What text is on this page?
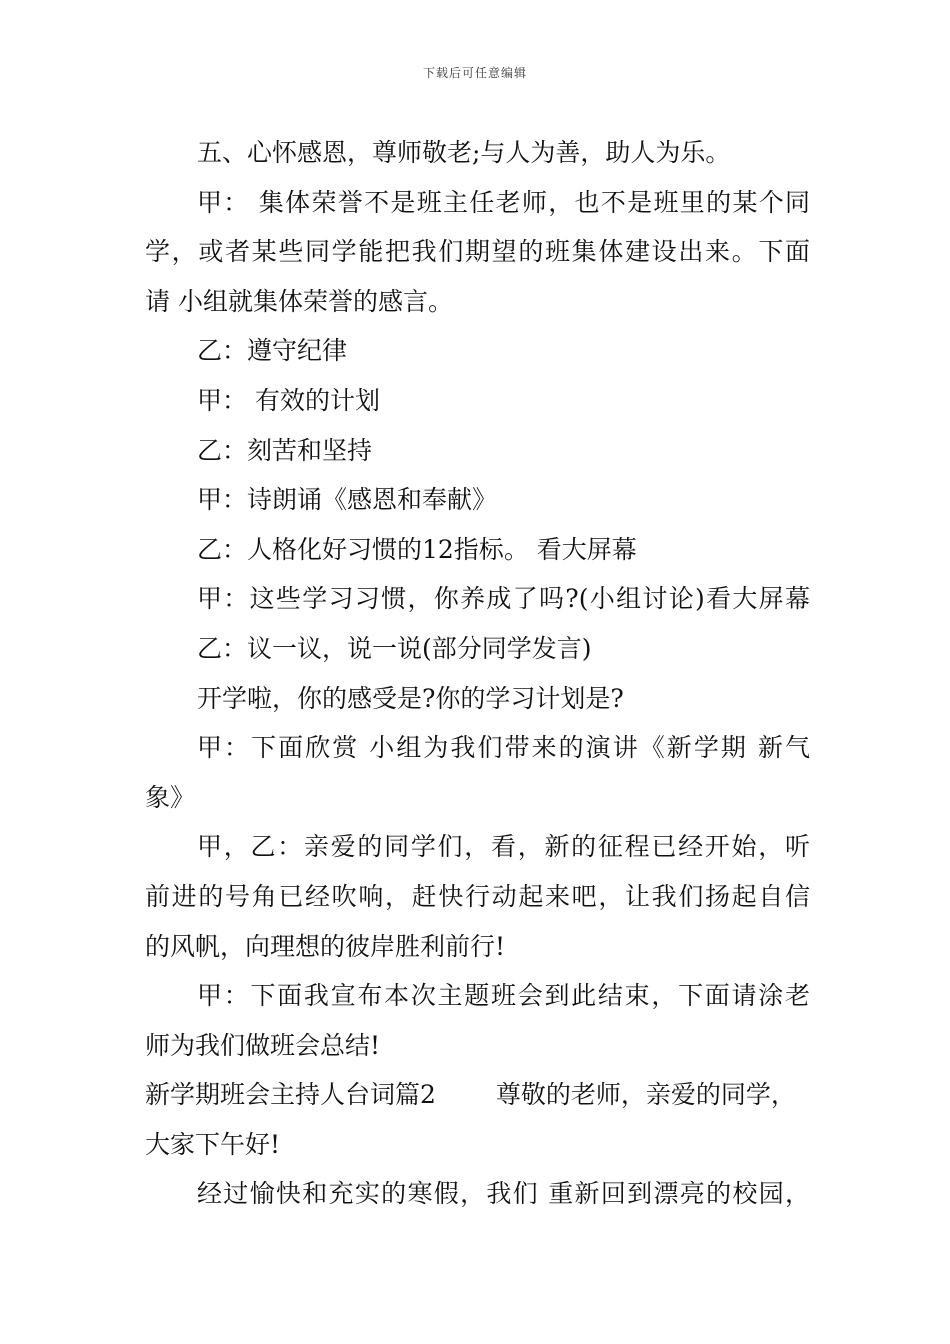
下载后可任意编辑
五、心怀感恩，尊师敬老;与人为善，助人为乐。
甲： 集体荣誉不是班主任老师，也不是班里的某个同
学，或者某些同学能把我们期望的班集体建设出来。下面
请 小组就集体荣誉的感言。
乙：遵守纪律
甲： 有效的计划
乙：刻苦和坚持
甲：诗朗诵《感恩和奉献》
乙：人格化好习惯的12指标。 看大屏幕
甲：这些学习习惯，你养成了吗?(小组讨论)看大屏幕
乙：议一议，说一说(部分同学发言)
开学啦，你的感受是?你的学习计划是?
甲：下面欣赏 小组为我们带来的演讲《新学期 新气
象》
甲，乙：亲爱的同学们，看，新的征程已经开始，听
前进的号角已经吹响，赶快行动起来吧，让我们扬起自信
的风帆，向理想的彼岸胜利前行!
甲：下面我宣布本次主题班会到此结束，下面请涂老
师为我们做班会总结!
新学期班会主持人台词篇2 尊敬的老师，亲爱的同学，
大家下午好!
经过愉快和充实的寒假，我们 重新回到漂亮的校园，
